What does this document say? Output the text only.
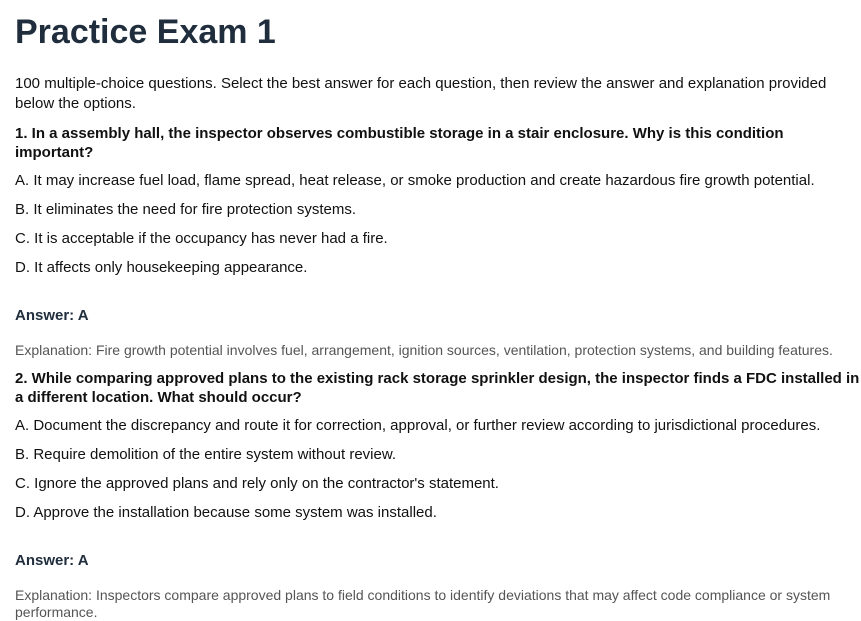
Practice Exam 1

100 multiple-choice questions. Select the best answer for each question, then review the answer and explanation provided below the options.

1. In a assembly hall, the inspector observes combustible storage in a stair enclosure. Why is this condition important?

A. It may increase fuel load, flame spread, heat release, or smoke production and create hazardous fire growth potential.

B. It eliminates the need for fire protection systems.

C. It is acceptable if the occupancy has never had a fire.

D. It affects only housekeeping appearance.

Answer: A

Explanation: Fire growth potential involves fuel, arrangement, ignition sources, ventilation, protection systems, and building features.

2. While comparing approved plans to the existing rack storage sprinkler design, the inspector finds a FDC installed in a different location. What should occur?

A. Document the discrepancy and route it for correction, approval, or further review according to jurisdictional procedures.

B. Require demolition of the entire system without review.

C. Ignore the approved plans and rely only on the contractor's statement.

D. Approve the installation because some system was installed.

Answer: A

Explanation: Inspectors compare approved plans to field conditions to identify deviations that may affect code compliance or system performance.
